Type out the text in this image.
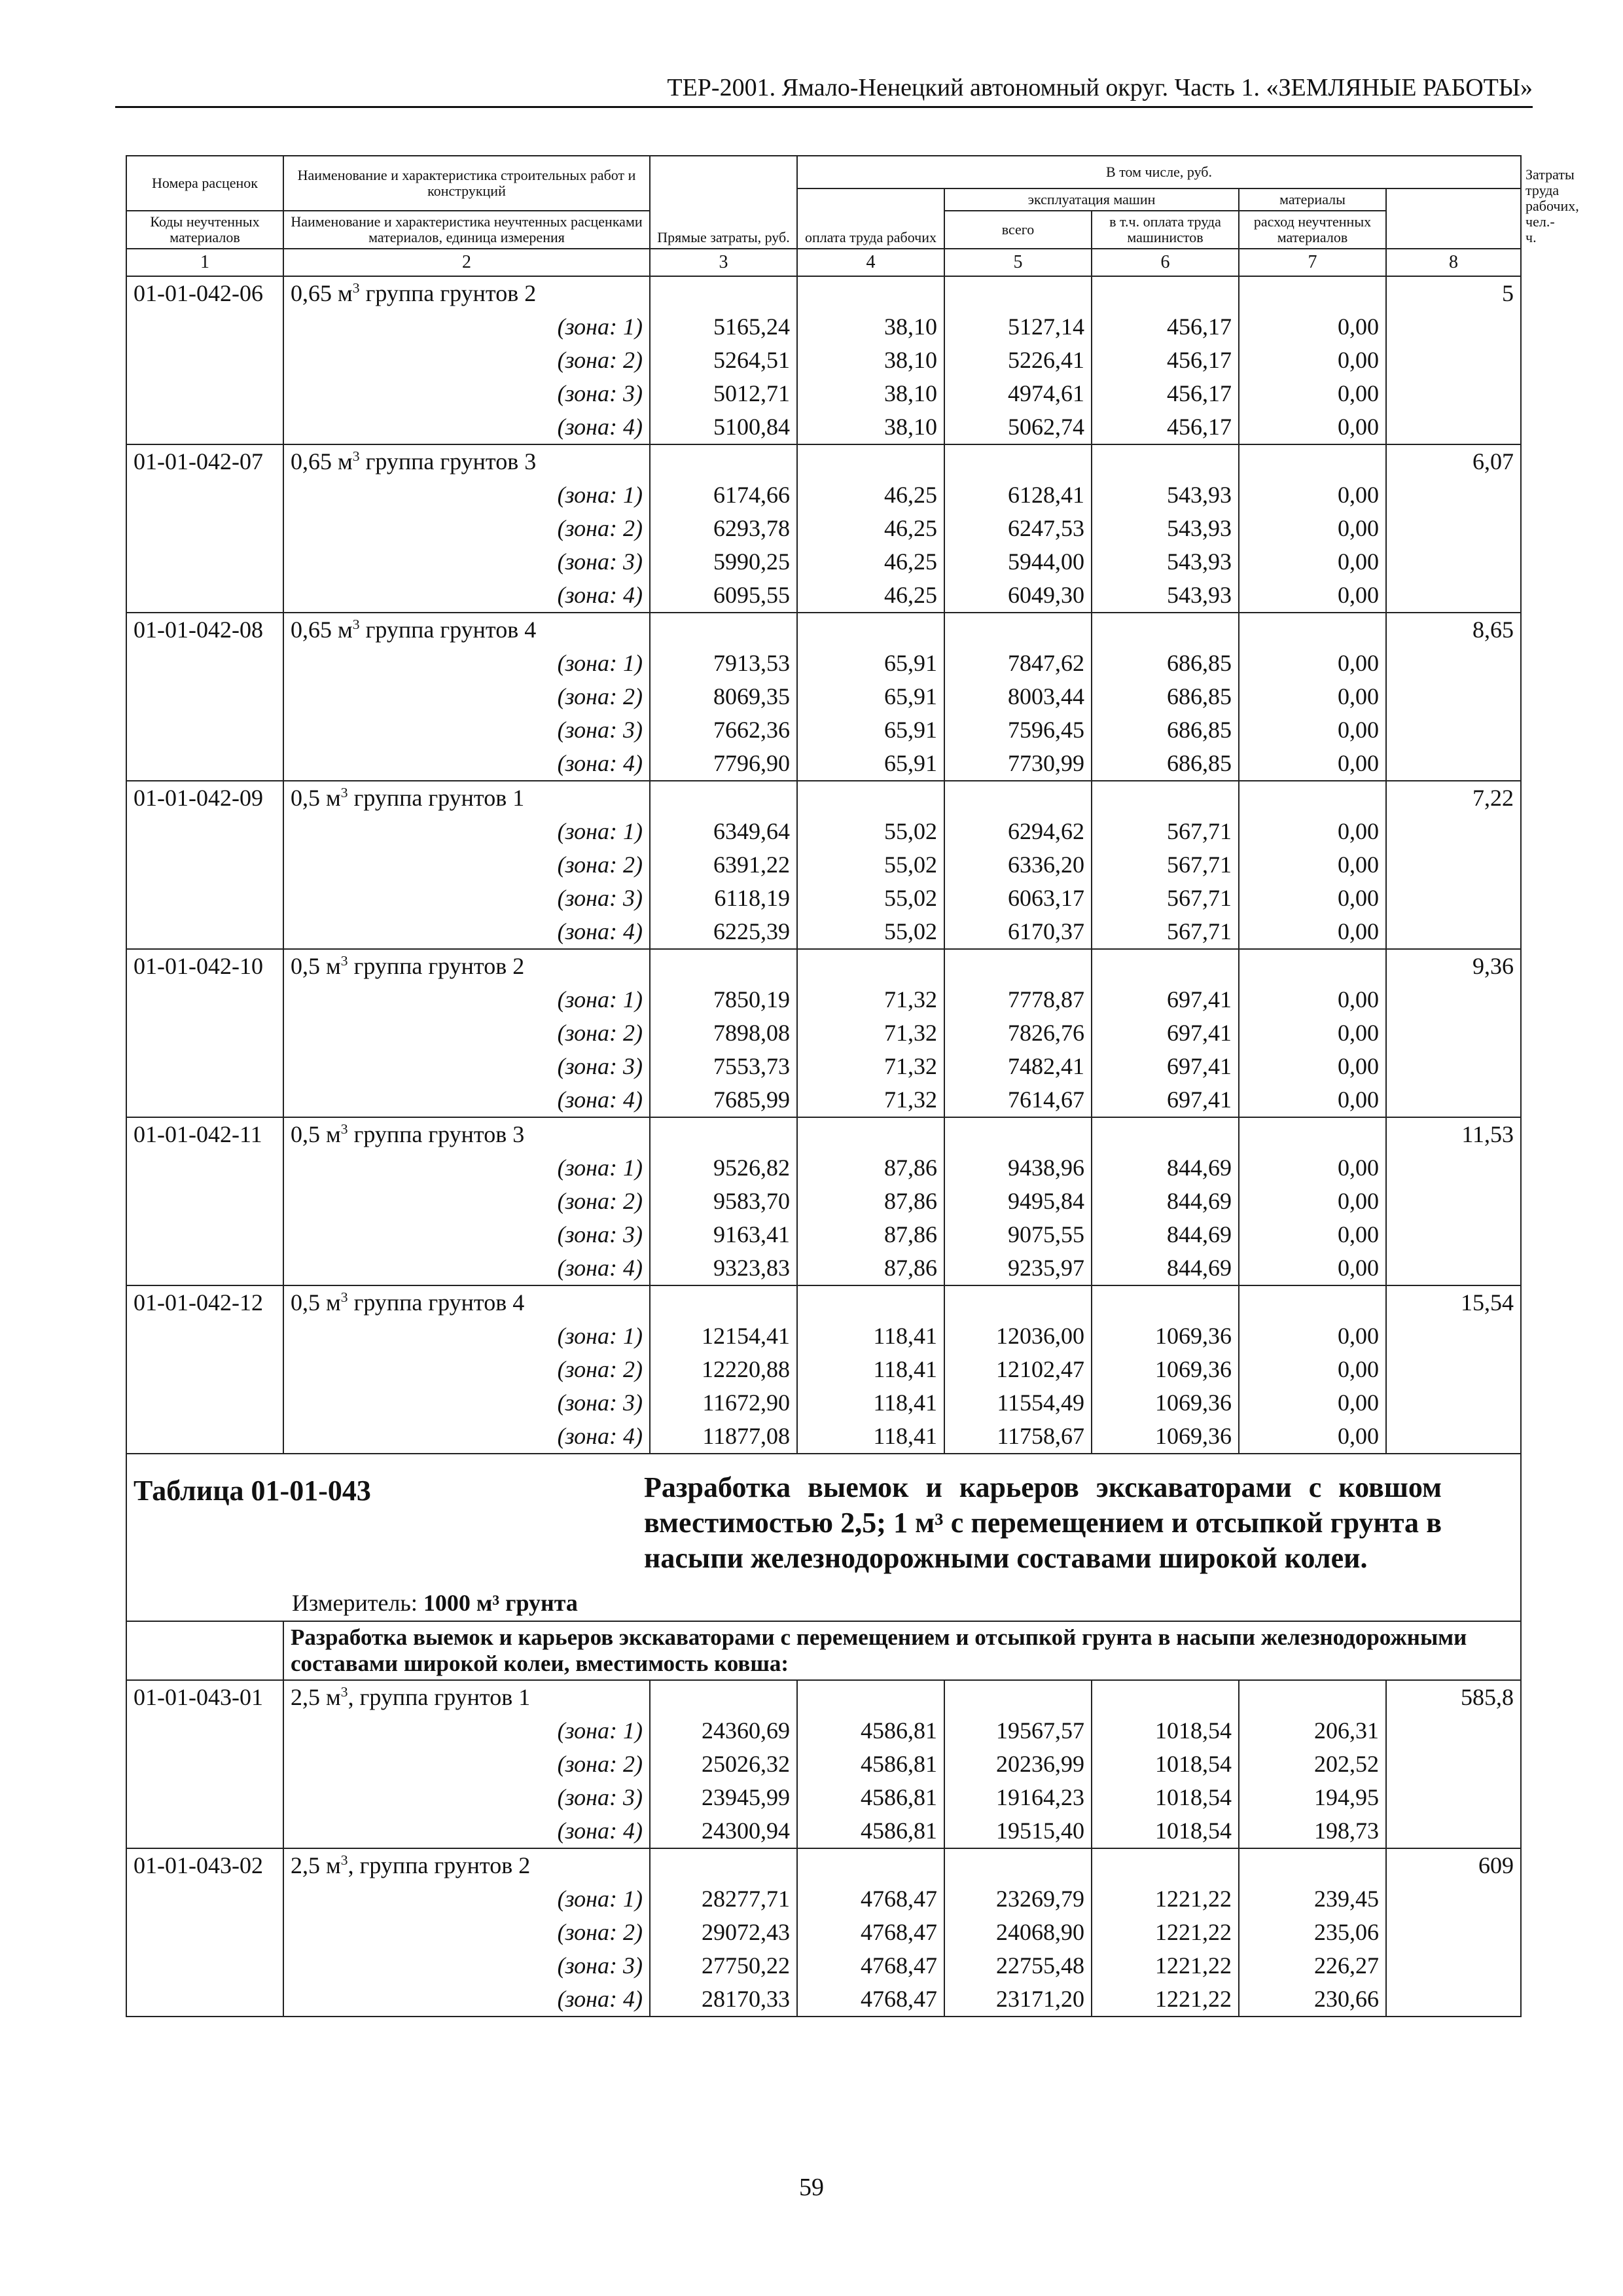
ТЕР-2001. Ямало-Ненецкий автономный округ. Часть 1. «ЗЕМЛЯНЫЕ РАБОТЫ»
Номера расценок	Наименование и характеристика строительных работ и конструкций	Прямые затраты, руб.	В том числе, руб.					Затраты труда рабочих, чел.-ч.
			оплата труда рабочих	эксплуатация машин		материалы		
				всего	в т.ч. оплата труда машинистов	расход неучтенных материалов		
Коды неучтенных материалов	Наименование и характеристика неучтенных расценками материалов, единица измерения							
1	2	3	4	5	6	7	8	
01-01-042-06	0,65 $м^3$ группа грунтов 2						5	
	(зона: 1)	5165,24	38,10	5127,14	456,17	0,00		
	(зона: 2)	5264,51	38,10	5226,41	456,17	0,00		
	(зона: 3)	5012,71	38,10	4974,61	456,17	0,00		
	(зона: 4)	5100,84	38,10	5062,74	456,17	0,00		
01-01-042-07	0,65 $м^3$ группа грунтов 3						6,07	
	(зона: 1)	6174,66	46,25	6128,41	543,93	0,00		
	(зона: 2)	6293,78	46,25	6247,53	543,93	0,00		
	(зона: 3)	5990,25	46,25	5944,00	543,93	0,00		
	(зона: 4)	6095,55	46,25	6049,30	543,93	0,00		
01-01-042-08	0,65 $м^3$ группа грунтов 4						8,65	
	(зона: 1)	7913,53	65,91	7847,62	686,85	0,00		
	(зона: 2)	8069,35	65,91	8003,44	686,85	0,00		
	(зона: 3)	7662,36	65,91	7596,45	686,85	0,00		
	(зона: 4)	7796,90	65,91	7730,99	686,85	0,00		
01-01-042-09	0,5 $м^3$ группа грунтов 1						7,22	
	(зона: 1)	6349,64	55,02	6294,62	567,71	0,00		
	(зона: 2)	6391,22	55,02	6336,20	567,71	0,00		
	(зона: 3)	6118,19	55,02	6063,17	567,71	0,00		
	(зона: 4)	6225,39	55,02	6170,37	567,71	0,00		
01-01-042-10	0,5 $м^3$ группа грунтов 2						9,36	
	(зона: 1)	7850,19	71,32	7778,87	697,41	0,00		
	(зона: 2)	7898,08	71,32	7826,76	697,41	0,00		
	(зона: 3)	7553,73	71,32	7482,41	697,41	0,00		
	(зона: 4)	7685,99	71,32	7614,67	697,41	0,00		
01-01-042-11	0,5 $м^3$ группа грунтов 3						11,53	
	(зона: 1)	9526,82	87,86	9438,96	844,69	0,00		
	(зона: 2)	9583,70	87,86	9495,84	844,69	0,00		
	(зона: 3)	9163,41	87,86	9075,55	844,69	0,00		
	(зона: 4)	9323,83	87,86	9235,97	844,69	0,00		
01-01-042-12	0,5 $м^3$ группа грунтов 4						15,54	
	(зона: 1)	12154,41	118,41	12036,00	1069,36	0,00		
	(зона: 2)	12220,88	118,41	12102,47	1069,36	0,00		
	(зона: 3)	11672,90	118,41	11554,49	1069,36	0,00		
	(зона: 4)	11877,08	118,41	11758,67	1069,36	0,00		

Таблица 01-01-043 Разработка выемок и карьеров экскаваторами с ковшом вместимостью 2,5; 1 м³ с перемещением и отсыпкой грунта в насыпи железнодорожными составами широкой колеи.
Измеритель: 1000 м³ грунта								

	Разработка выемок и карьеров экскаваторами с перемещением и отсыпкой грунта в насыпи железнодорожными составами широкой колеи, вместимость ковша:							
01-01-043-01	2,5 $м^3$, группа грунтов 1						585,8	
	(зона: 1)	24360,69	4586,81	19567,57	1018,54	206,31		
	(зона: 2)	25026,32	4586,81	20236,99	1018,54	202,52		
	(зона: 3)	23945,99	4586,81	19164,23	1018,54	194,95		
	(зона: 4)	24300,94	4586,81	19515,40	1018,54	198,73		
01-01-043-02	2,5 $м^3$, группа грунтов 2						609	
	(зона: 1)	28277,71	4768,47	23269,79	1221,22	239,45		
	(зона: 2)	29072,43	4768,47	24068,90	1221,22	235,06		
	(зона: 3)	27750,22	4768,47	22755,48	1221,22	226,27		
	(зона: 4)	28170,33	4768,47	23171,20	1221,22	230,66		
59
